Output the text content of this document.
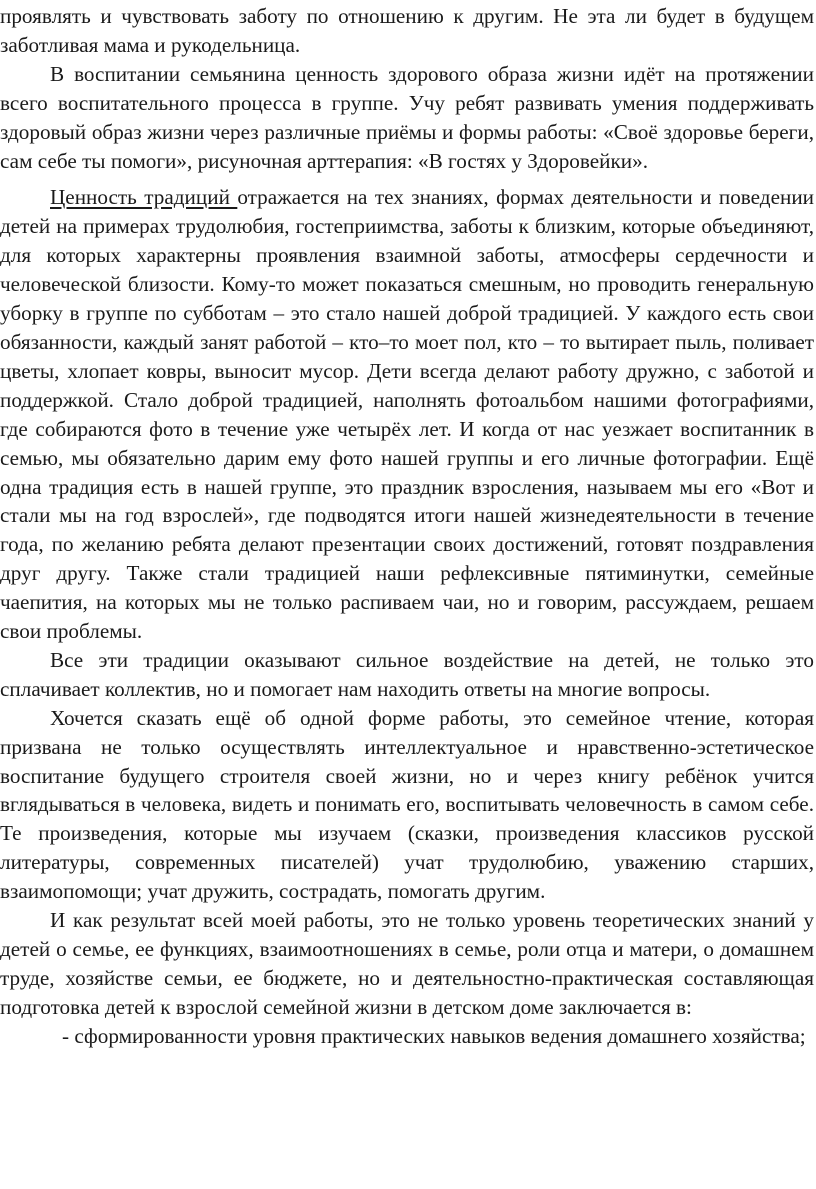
проявлять и чувствовать заботу по отношению к другим. Не эта ли будет в будущем заботливая мама и рукодельница.

В воспитании семьянина ценность здорового образа жизни идёт на протяжении всего воспитательного процесса в группе. Учу ребят развивать умения поддерживать здоровый образ жизни через различные приёмы и формы работы: «Своё здоровье береги, сам себе ты помоги», рисуночная арттерапия: «В гостях у Здоровейки».

Ценность традиций отражается на тех знаниях, формах деятельности и поведении детей на примерах трудолюбия, гостеприимства, заботы к близким, которые объединяют, для которых характерны проявления взаимной заботы, атмосферы сердечности и человеческой близости. Кому-то может показаться смешным, но проводить генеральную уборку в группе по субботам – это стало нашей доброй традицией. У каждого есть свои обязанности, каждый занят работой – кто–то моет пол, кто – то вытирает пыль, поливает цветы, хлопает ковры, выносит мусор. Дети всегда делают работу дружно, с заботой и поддержкой. Стало доброй традицией, наполнять фотоальбом нашими фотографиями, где собираются фото в течение уже четырёх лет. И когда от нас уезжает воспитанник в семью, мы обязательно дарим ему фото нашей группы и его личные фотографии. Ещё одна традиция есть в нашей группе, это праздник взросления, называем мы его «Вот и стали мы на год взрослей», где подводятся итоги нашей жизнедеятельности в течение года, по желанию ребята делают презентации своих достижений, готовят поздравления друг другу. Также стали традицией наши рефлексивные пятиминутки, семейные чаепития, на которых мы не только распиваем чаи, но и говорим, рассуждаем, решаем свои проблемы.

Все эти традиции оказывают сильное воздействие на детей, не только это сплачивает коллектив, но и помогает нам находить ответы на многие вопросы.

Хочется сказать ещё об одной форме работы, это семейное чтение, которая призвана не только осуществлять интеллектуальное и нравственно-эстетическое воспитание будущего строителя своей жизни, но и через книгу ребёнок учится вглядываться в человека, видеть и понимать его, воспитывать человечность в самом себе. Те произведения, которые мы изучаем (сказки, произведения классиков русской литературы, современных писателей) учат трудолюбию, уважению старших, взаимопомощи; учат дружить, сострадать, помогать другим.

И как результат всей моей работы, это не только уровень теоретических знаний у детей о семье, ее функциях, взаимоотношениях в семье, роли отца и матери, о домашнем труде, хозяйстве семьи, ее бюджете, но и деятельностно-практическая составляющая подготовка детей к взрослой семейной жизни в детском доме заключается в:

- сформированности уровня практических навыков ведения домашнего хозяйства;
